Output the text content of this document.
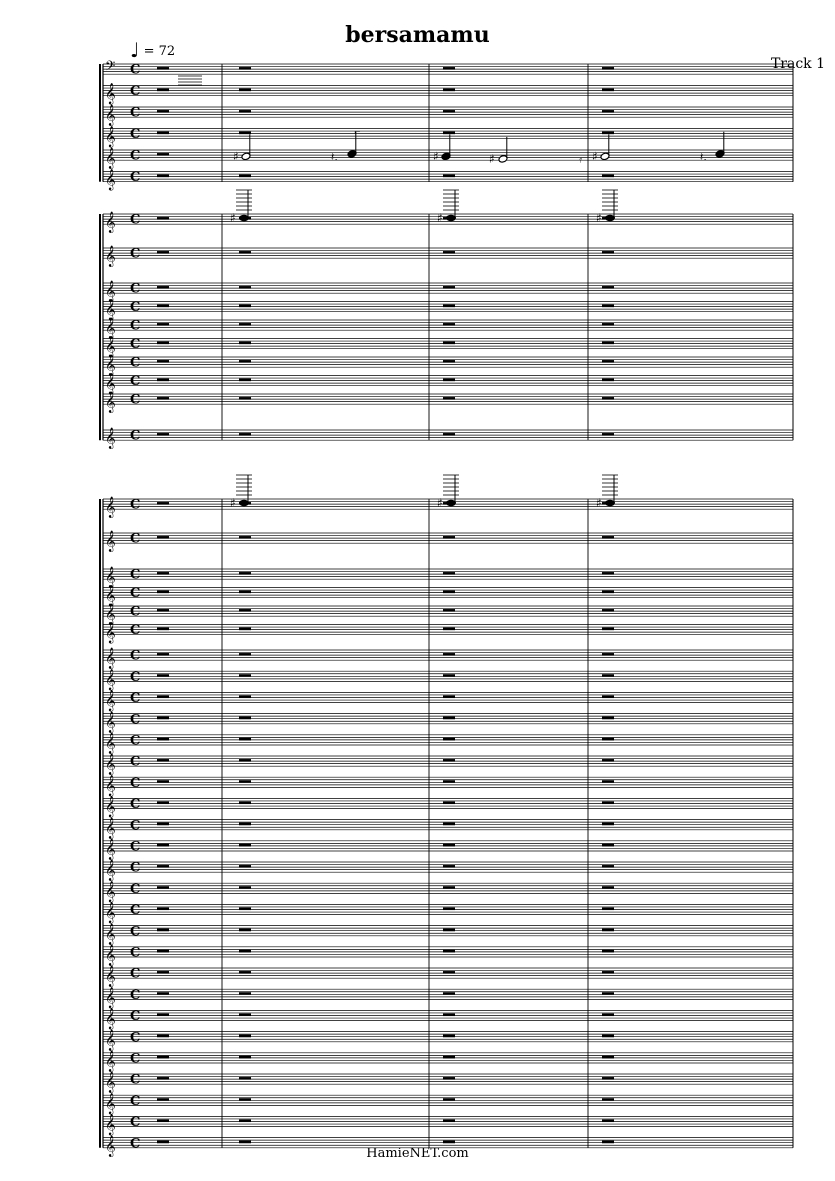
bersamamu
Track 1
♩ = 72
HamieNET.com
𝄢 C
𝄞 C
𝄞 C
𝄞 C
𝄞 C	♯	𝄽.
⌐
♯	♯	𝄿 ♯	𝄽.
𝄞 C
𝄞 C
𝄞 C
𝄞 C
𝄞 C
𝄞 C
𝄞 C
𝄞 C
𝄞 C
𝄞 C
𝄞 C
𝄞 C
𝄞 C
𝄞 C
𝄞 C
𝄞 C
𝄞 C
𝄞 C
𝄞 C
𝄞 C
𝄞 C
𝄞 C
𝄞 C
𝄞 C
𝄞 C
𝄞 C
𝄞 C
𝄞 C
𝄞 C
𝄞 C
𝄞 C
𝄞 C
𝄞 C
𝄞 C
𝄞 C
𝄞 C
𝄞 C
𝄞 C
𝄞 C
𝄞 C
𝄞 C
♯	♯	♯
♯	♯	♯
